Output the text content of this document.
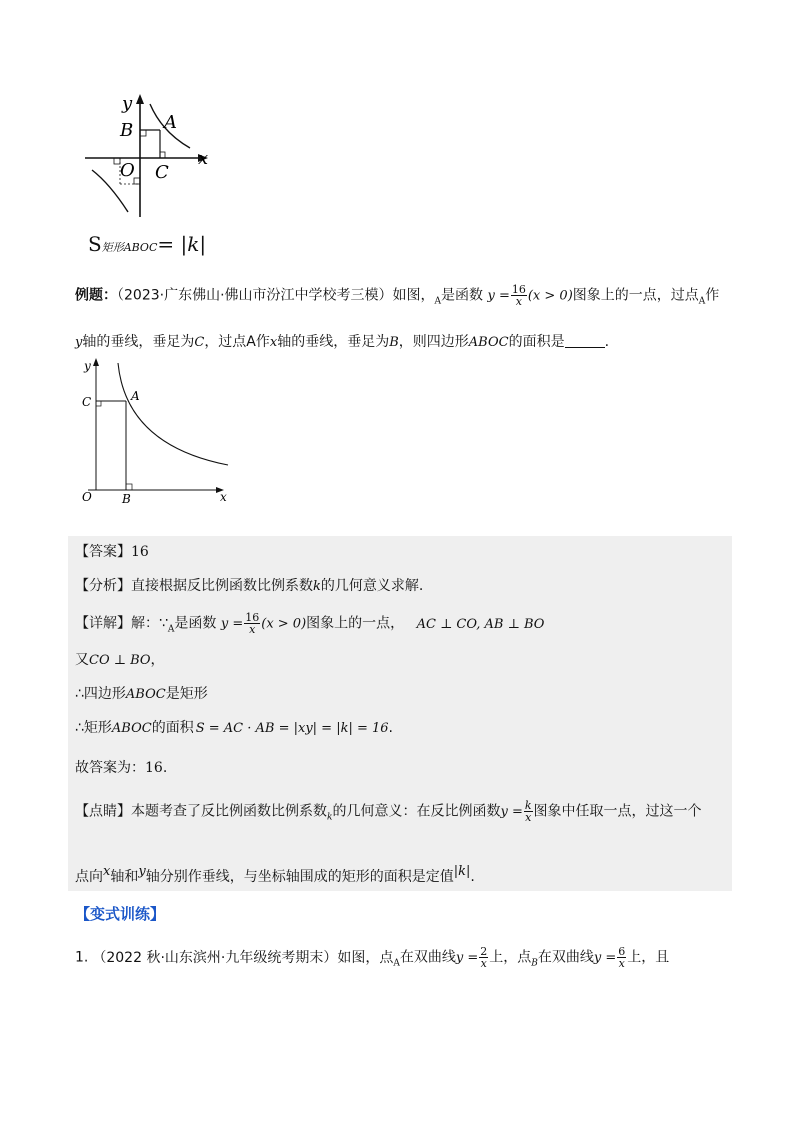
y
B A
x
O C
S矩形ABOC= |k|
例题：（2023·广东佛山·佛山市汾江中学校考三模）如图，$_A$是函数 $y = \frac{16}{x} (x > 0)$图象上的一点，过点$_A$作
y轴的垂线，垂足为C，过点A作x轴的垂线，垂足为B，则四边形ABOC的面积是	.
y
C	A
O	B	x
【答案】16
【分析】直接根据反比例函数比例系数k的几何意义求解.
【详解】解：$\because_A$是函数 $y = \frac{16}{x} (x > 0)$图象上的一点， AC ⊥ CO, AB ⊥ BO
又CO ⊥ BO，
∴四边形ABOC是矩形
∴矩形ABOC的面积 S = AC · AB = |xy| = |k| = 16.
故答案为：16.
【点睛】本题考查了反比例函数比例系数$_k$的几何意义：在反比例函数$y = \frac{k}{x}$ 图象中任取一点，过这一个
点向x轴和y轴分别作垂线，与坐标轴围成的矩形的面积是定值|k|.
【变式训练】
1. （2022 秋·山东滨州·九年级统考期末）如图，点$_A$在双曲线$y = \frac{2}{x}$ 上，点$_B$在双曲线$y = \frac{6}{x}$ 上，且
